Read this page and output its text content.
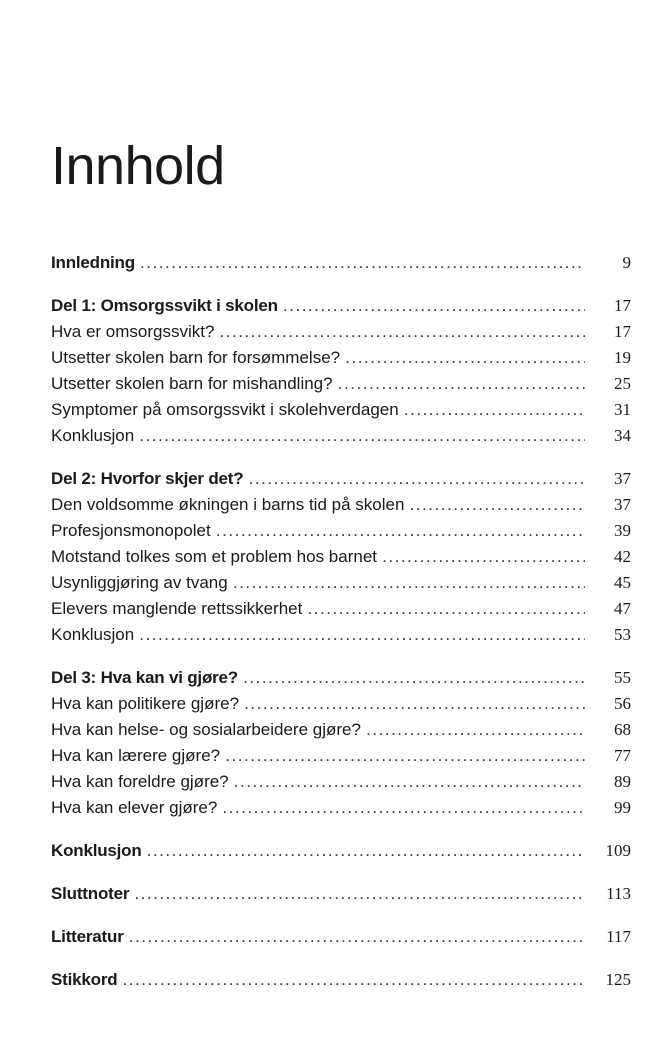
Innhold
Innledning . . .	9
Del 1: Omsorgssvikt i skolen . . .	17
Hva er omsorgssvikt? . . .	17
Utsetter skolen barn for forsømmelse? . . .	19
Utsetter skolen barn for mishandling? . . .	25
Symptomer på omsorgssvikt i skolehverdagen . . .	31
Konklusjon . . .	34
Del 2: Hvorfor skjer det? . . .	37
Den voldsomme økningen i barns tid på skolen . . .	37
Profesjonsmonopolet . . .	39
Motstand tolkes som et problem hos barnet . . .	42
Usynliggjøring av tvang . . .	45
Elevers manglende rettssikkerhet . . .	47
Konklusjon . . .	53
Del 3: Hva kan vi gjøre? . . .	55
Hva kan politikere gjøre? . . .	56
Hva kan helse- og sosialarbeidere gjøre? . . .	68
Hva kan lærere gjøre? . . .	77
Hva kan foreldre gjøre? . . .	89
Hva kan elever gjøre? . . .	99
Konklusjon . . .	109
Sluttnoter . . .	113
Litteratur . . .	117
Stikkord . . .	125
